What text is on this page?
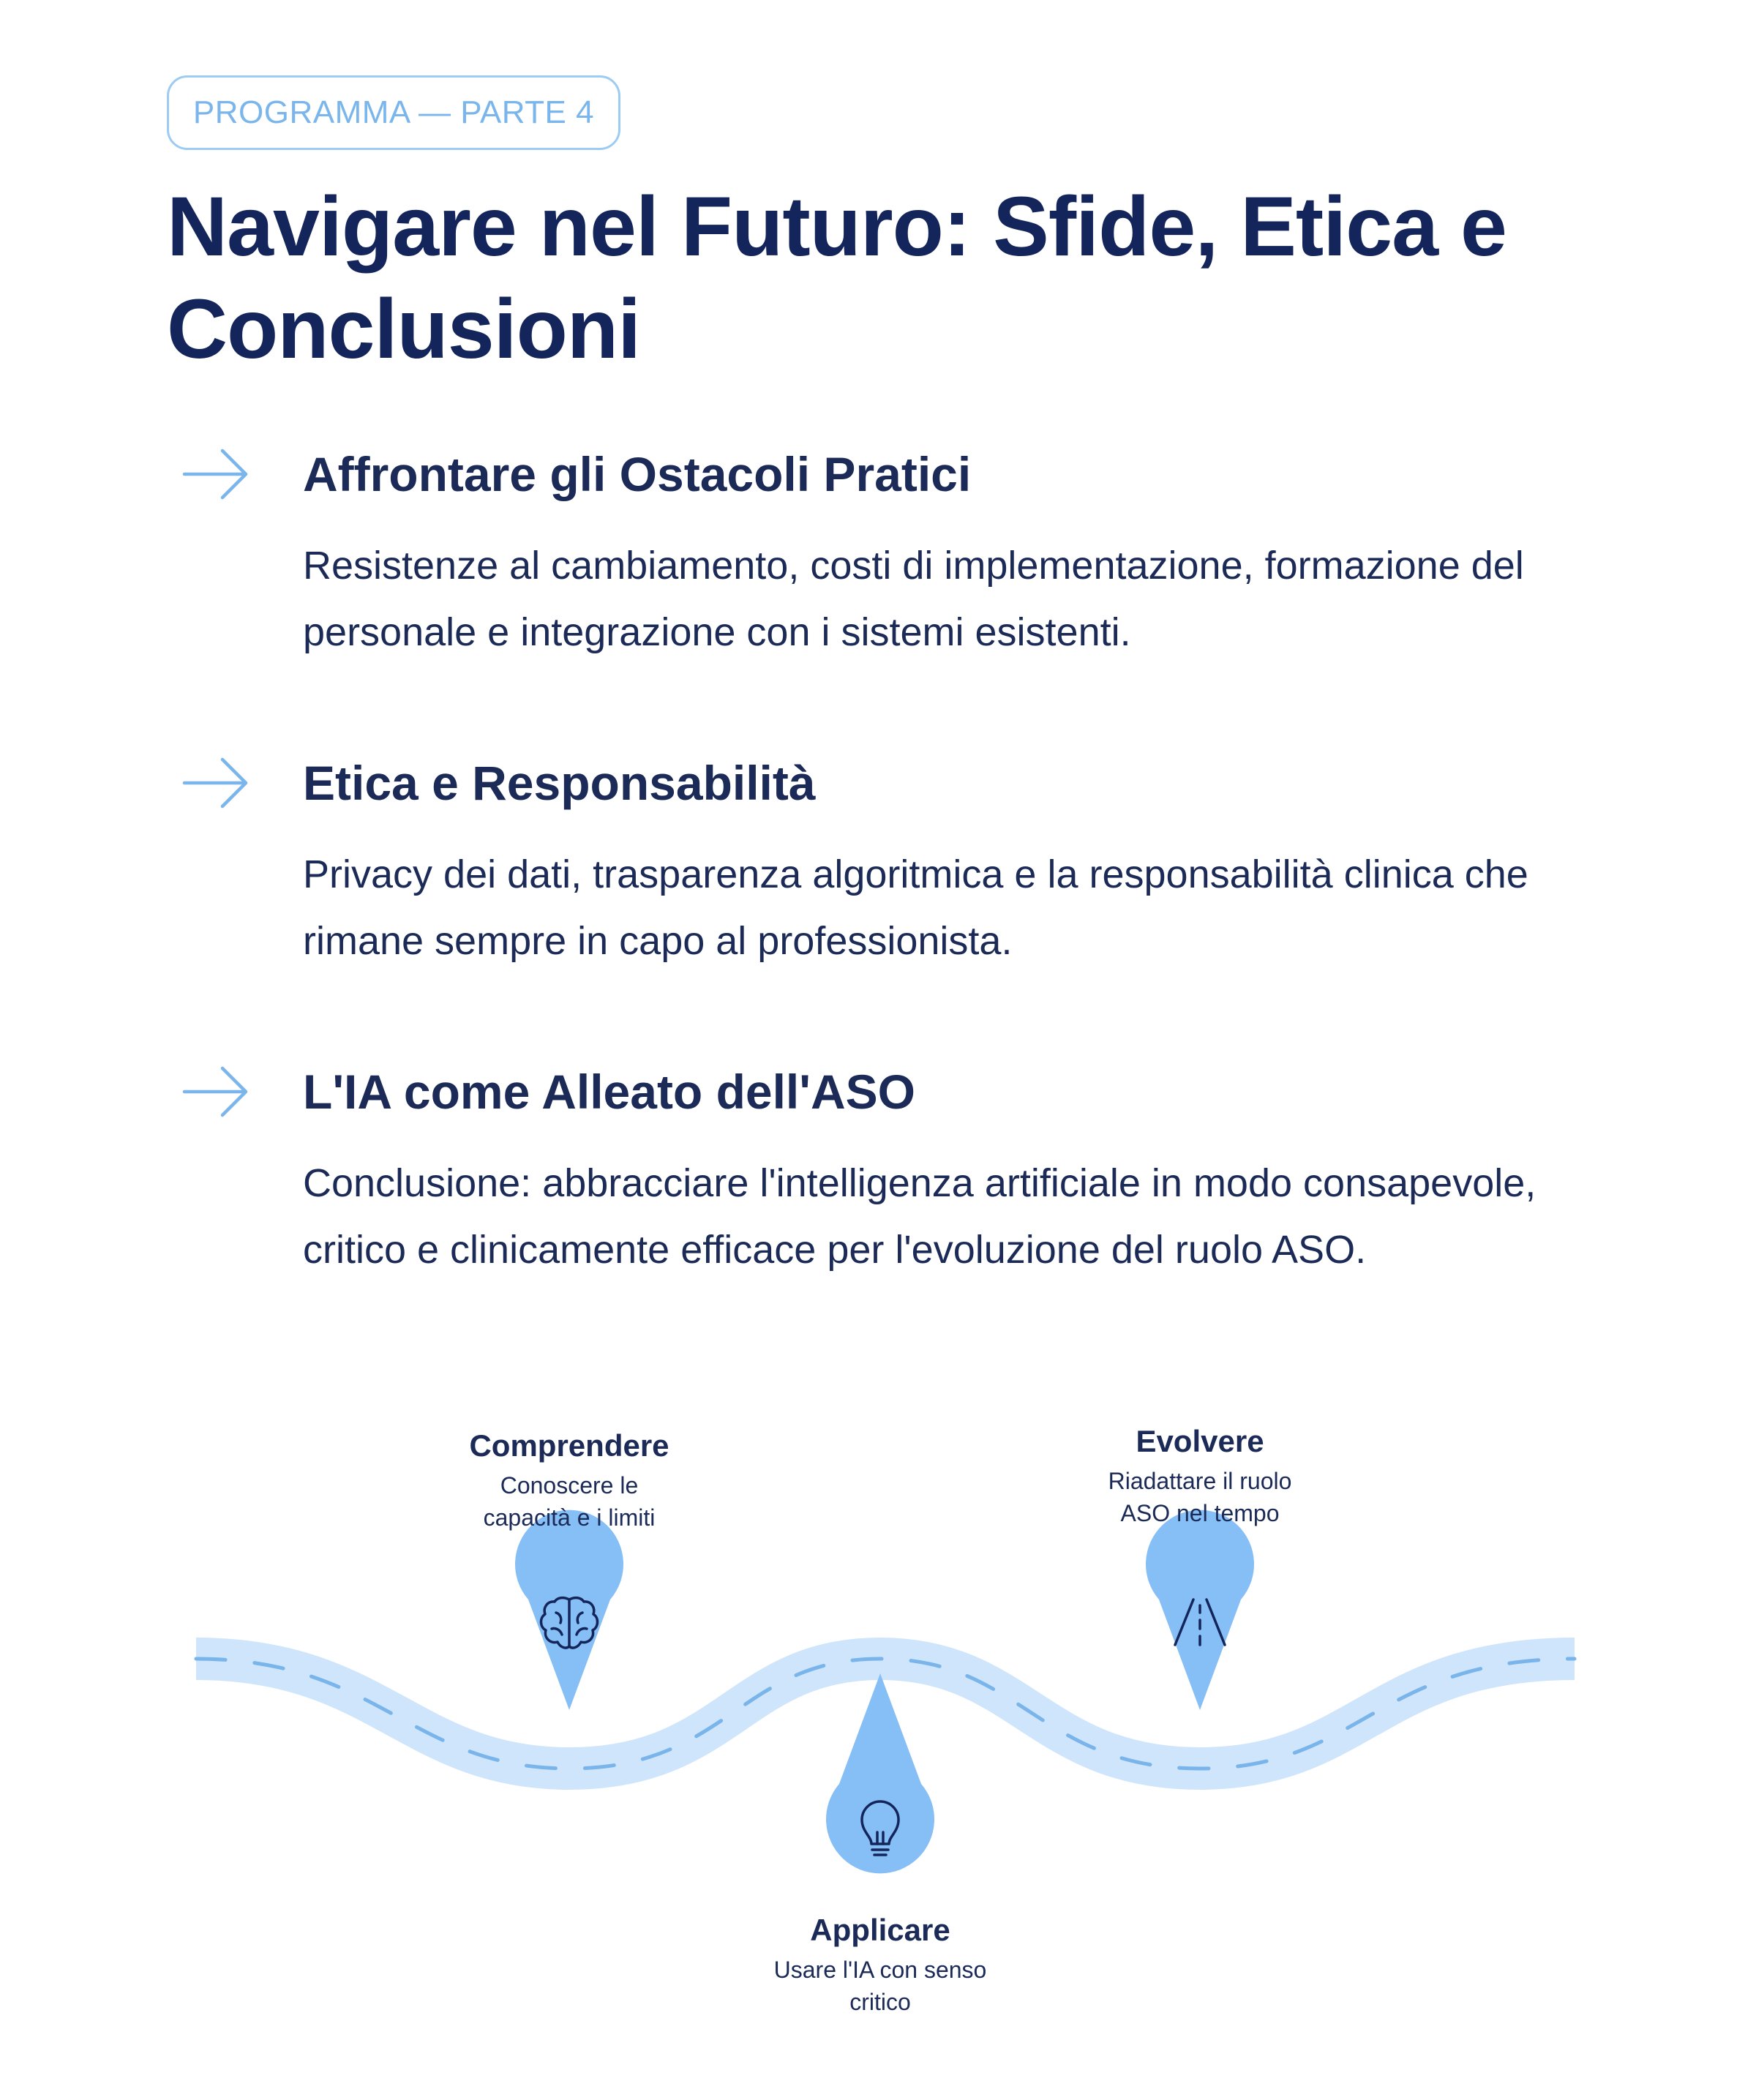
PROGRAMMA — PARTE 4
Navigare nel Futuro: Sfide, Etica e Conclusioni
Affrontare gli Ostacoli Pratici

Resistenze al cambiamento, costi di implementazione, formazione del personale e integrazione con i sistemi esistenti.

Etica e Responsabilità

Privacy dei dati, trasparenza algoritmica e la responsabilità clinica che rimane sempre in capo al professionista.

L'IA come Alleato dell'ASO

Conclusione: abbracciare l'intelligenza artificiale in modo consapevole, critico e clinicamente efficace per l'evoluzione del ruolo ASO.

Comprendere

Conoscere le
capacità e i limiti

Evolvere

Riadattare il ruolo
ASO nel tempo

Applicare

Usare l'IA con senso
critico
